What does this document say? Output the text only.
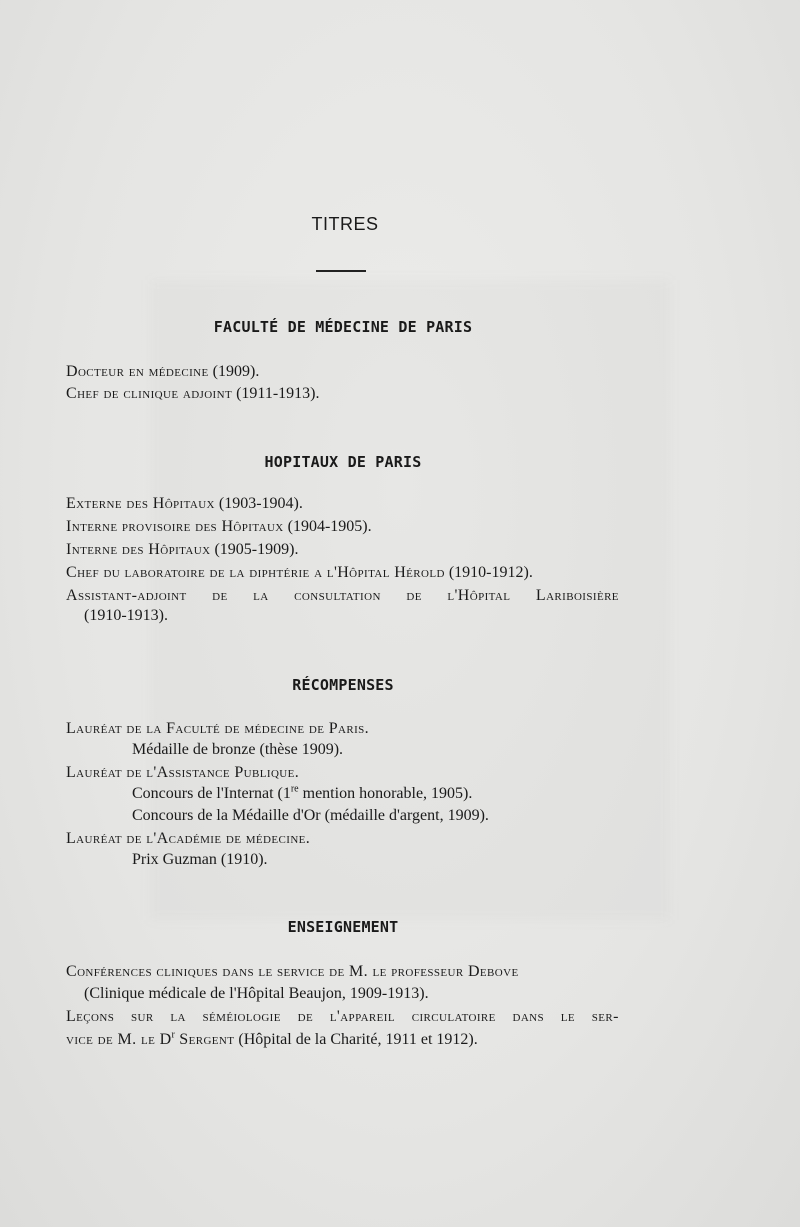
TITRES
FACULTÉ DE MÉDECINE DE PARIS
Docteur en médecine (1909).
Chef de clinique adjoint (1911-1913).
HOPITAUX DE PARIS
Externe des Hôpitaux (1903-1904).
Interne provisoire des Hôpitaux (1904-1905).
Interne des Hôpitaux (1905-1909).
Chef du laboratoire de la diphtérie a l'Hôpital Hérold (1910-1912).
Assistant-adjoint de la consultation de l'Hôpital Lariboisière
(1910-1913).
RÉCOMPENSES
Lauréat de la Faculté de médecine de Paris.
Médaille de bronze (thèse 1909).
Lauréat de l'Assistance Publique.
Concours de l'Internat (1re mention honorable, 1905).
Concours de la Médaille d'Or (médaille d'argent, 1909).
Lauréat de l'Académie de médecine.
Prix Guzman (1910).
ENSEIGNEMENT
Conférences cliniques dans le service de M. le professeur Debove
(Clinique médicale de l'Hôpital Beaujon, 1909-1913).
Leçons sur la séméiologie de l'appareil circulatoire dans le ser-
vice de M. le $D^r$ Sergent (Hôpital de la Charité, 1911 et 1912).
